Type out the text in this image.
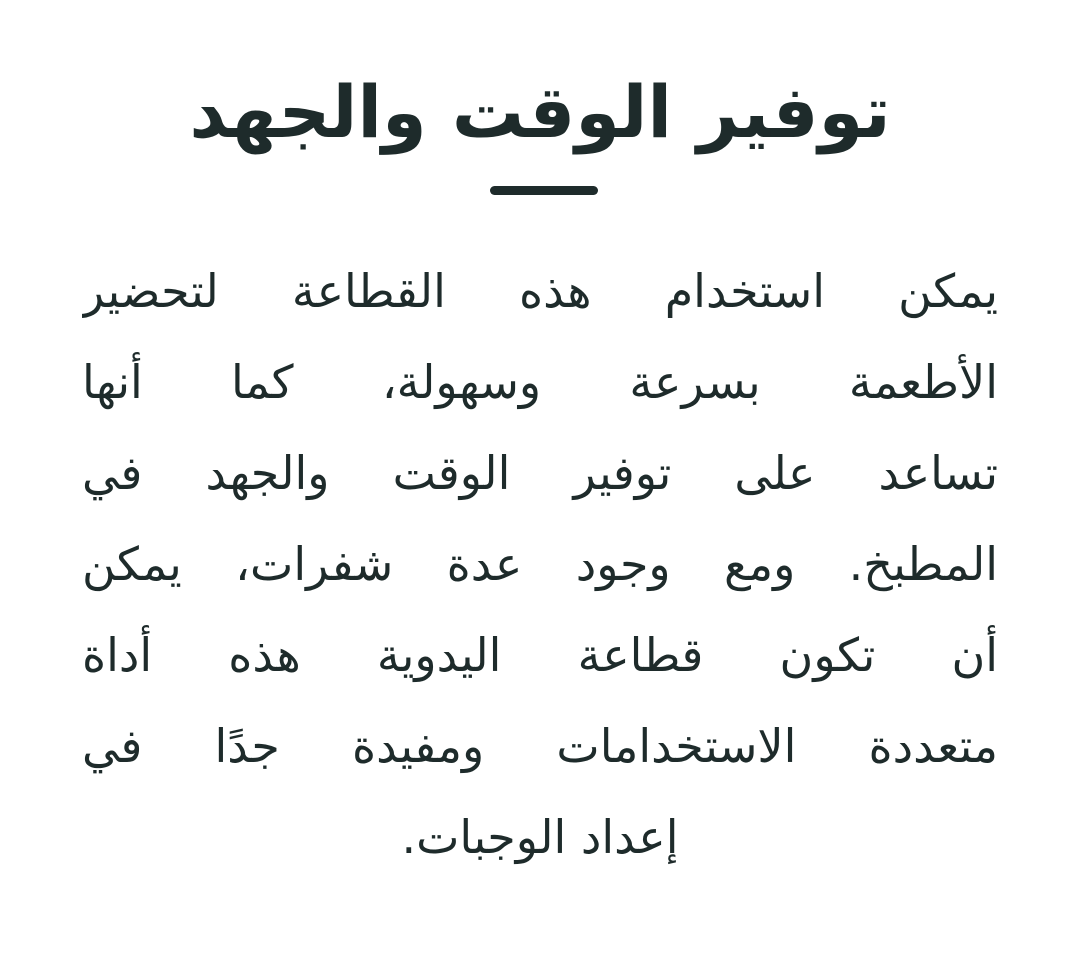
توفير الوقت والجهد
يمكن استخدام هذه القطاعة لتحضير
الأطعمة بسرعة وسهولة، كما أنها
تساعد على توفير الوقت والجهد في
المطبخ. ومع وجود عدة شفرات، يمكن
أن تكون قطاعة اليدوية هذه أداة
متعددة الاستخدامات ومفيدة جدًا في
إعداد الوجبات.
